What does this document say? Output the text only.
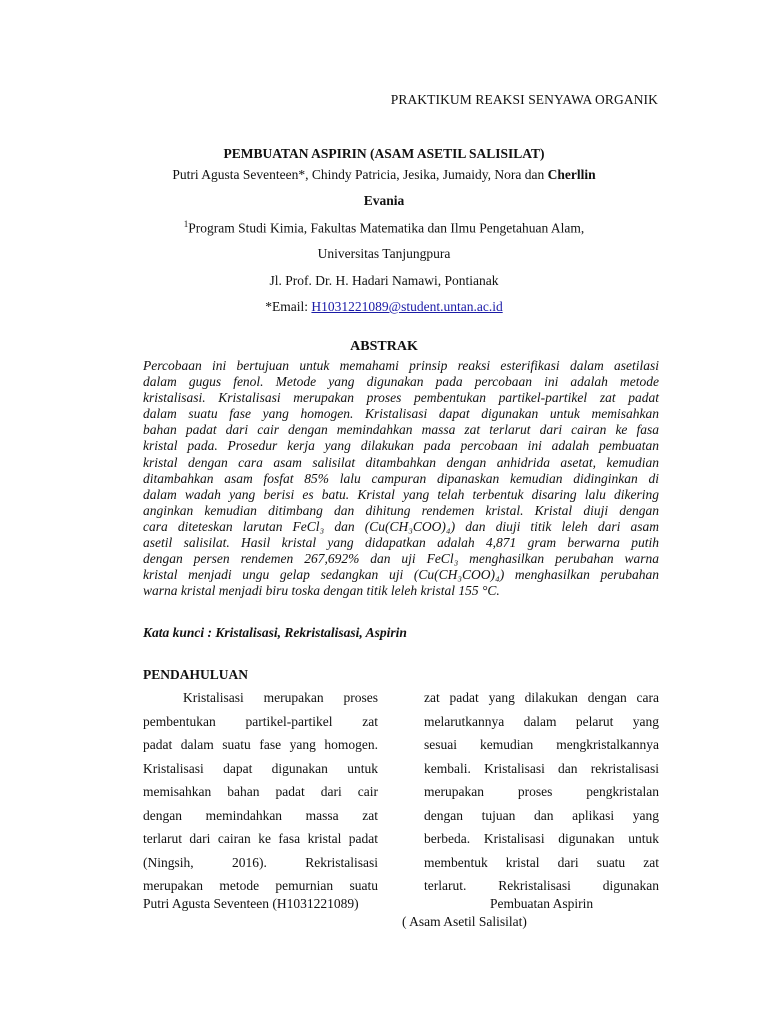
PRAKTIKUM REAKSI SENYAWA ORGANIK
PEMBUATAN ASPIRIN (ASAM ASETIL SALISILAT)
Putri Agusta Seventeen*, Chindy Patricia, Jesika, Jumaidy, Nora dan Cherllin
Evania
$^1$Program Studi Kimia, Fakultas Matematika dan Ilmu Pengetahuan Alam,
Universitas Tanjungpura
Jl. Prof. Dr. H. Hadari Namawi, Pontianak
*Email: H1031221089@student.untan.ac.id
ABSTRAK
Percobaan ini bertujuan untuk memahami prinsip reaksi esterifikasi dalam asetilasi
dalam gugus fenol. Metode yang digunakan pada percobaan ini adalah metode
kristalisasi. Kristalisasi merupakan proses pembentukan partikel-partikel zat padat
dalam suatu fase yang homogen. Kristalisasi dapat digunakan untuk memisahkan
bahan padat dari cair dengan memindahkan massa zat terlarut dari cairan ke fasa
kristal pada. Prosedur kerja yang dilakukan pada percobaan ini adalah pembuatan
kristal dengan cara asam salisilat ditambahkan dengan anhidrida asetat, kemudian
ditambahkan asam fosfat 85% lalu campuran dipanaskan kemudian didinginkan di
dalam wadah yang berisi es batu. Kristal yang telah terbentuk disaring lalu dikering
anginkan kemudian ditimbang dan dihitung rendemen kristal. Kristal diuji dengan
cara diteteskan larutan FeCl₃ dan (Cu(CH₃COO)₄) dan diuji titik leleh dari asam
asetil salisilat. Hasil kristal yang didapatkan adalah 4,871 gram berwarna putih
dengan persen rendemen 267,692% dan uji FeCl₃ menghasilkan perubahan warna
kristal menjadi ungu gelap sedangkan uji (Cu(CH₃COO)₄) menghasilkan perubahan
warna kristal menjadi biru toska dengan titik leleh kristal 155 °C.
Kata kunci : Kristalisasi, Rekristalisasi, Aspirin
PENDAHULUAN
Kristalisasi merupakan proses
pembentukan partikel-partikel zat
padat dalam suatu fase yang homogen.
Kristalisasi dapat digunakan untuk
memisahkan bahan padat dari cair
dengan memindahkan massa zat
terlarut dari cairan ke fasa kristal padat
(Ningsih, 2016). Rekristalisasi
merupakan metode pemurnian suatu
zat padat yang dilakukan dengan cara
melarutkannya dalam pelarut yang
sesuai kemudian mengkristalkannya
kembali. Kristalisasi dan rekristalisasi
merupakan proses pengkristalan
dengan tujuan dan aplikasi yang
berbeda. Kristalisasi digunakan untuk
membentuk kristal dari suatu zat
terlarut. Rekristalisasi digunakan
Putri Agusta Seventeen (H1031221089)	Pembuatan Aspirin
( Asam Asetil Salisilat)
